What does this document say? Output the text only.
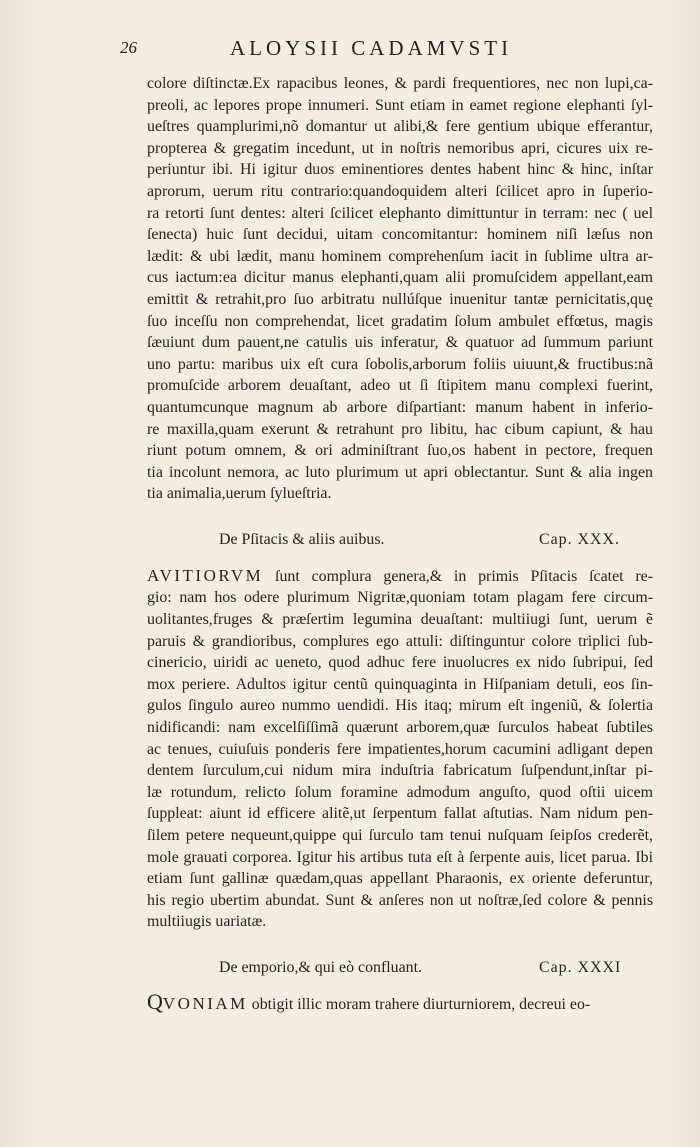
26	ALOYSII CADAMVSTI

colore diſtinctæ.Ex rapacibus leones, & pardi frequentiores, nec non lupi,ca-
preoli, ac lepores prope innumeri. Sunt etiam in eamet regione elephanti ſyl-
ueſtres quamplurimi,nõ domantur ut alibi,& fere gentium ubique efferantur,
propterea & gregatim incedunt, ut in noſtris nemoribus apri, cicures uix re-
periuntur ibi. Hi igitur duos eminentiores dentes habent hinc & hinc, inſtar
aprorum, uerum ritu contrario:quandoquidem alteri ſcilicet apro in ſuperio-
ra retorti ſunt dentes: alteri ſcilicet elephanto dimittuntur in terram: nec ( uel
ſenecta) huic ſunt decidui, uitam concomitantur: hominem niſi læſus non
lædit: & ubi lædit, manu hominem comprehenſum iacit in ſublime ultra ar-
cus iactum:ea dicitur manus elephanti,quam alii promuſcidem appellant,eam
emittit & retrahit,pro ſuo arbitratu nullúſque inuenitur tantæ pernicitatis,quę
ſuo inceſſu non comprehendat, licet gradatim ſolum ambulet effœtus, magis
ſæuiunt dum pauent,ne catulis uis inferatur, & quatuor ad ſummum pariunt
uno partu: maribus uix eſt cura ſobolis,arborum foliis uiuunt,& fructibus:nã
promuſcide arborem deuaſtant, adeo ut ſi ſtipitem manu complexi fuerint,
quantumcunque magnum ab arbore diſpartiant: manum habent in inferio-
re maxilla,quam exerunt & retrahunt pro libitu, hac cibum capiunt, & hau
riunt potum omnem, & ori adminiſtrant ſuo,os habent in pectore, frequen
tia incolunt nemora, ac luto plurimum ut apri oblectantur. Sunt & alia ingen
tia animalia,uerum ſylueſtria.

De Pſitacis & aliis auibus.	Cap. XXX.

AVITIORVM ſunt complura genera,& in primis Pſitacis ſcatet re-
gio: nam hos odere plurimum Nigritæ,quoniam totam plagam fere circum-
uolitantes,fruges & præſertim legumina deuaſtant: multiiugi ſunt, uerum ẽ
paruis & grandioribus, complures ego attuli: diſtinguntur colore triplici ſub-
cinericio, uiridi ac ueneto, quod adhuc fere inuolucres ex nido ſubripui, ſed
mox periere. Adultos igitur centũ quinquaginta in Hiſpaniam detuli, eos ſin-
gulos ſingulo aureo nummo uendidi. His itaq; mirum eſt ingeniũ, & ſolertia
nidificandi: nam excelſiſſimã quærunt arborem,quæ ſurculos habeat ſubtiles
ac tenues, cuiuſuis ponderis fere impatientes,horum cacumini adligant depen
dentem ſurculum,cui nidum mira induſtria fabricatum ſuſpendunt,inſtar pi-
læ rotundum, relicto ſolum foramine admodum anguſto, quod oſtii uicem
ſuppleat: aiunt id efficere alitẽ,ut ſerpentum fallat aſtutias. Nam nidum pen-
ſilem petere nequeunt,quippe qui ſurculo tam tenui nuſquam ſeipſos crederẽt,
mole grauati corporea. Igitur his artibus tuta eſt à ſerpente auis, licet parua. Ibi
etiam ſunt gallinæ quædam,quas appellant Pharaonis, ex oriente deferuntur,
his regio ubertim abundat. Sunt & anſeres non ut noſtræ,ſed colore & pennis
multiiugis uariatæ.

De emporio,& qui eò confluant.	Cap. XXXI

QVONIAM obtigit illic moram trahere diurturniorem, decreui eo-
